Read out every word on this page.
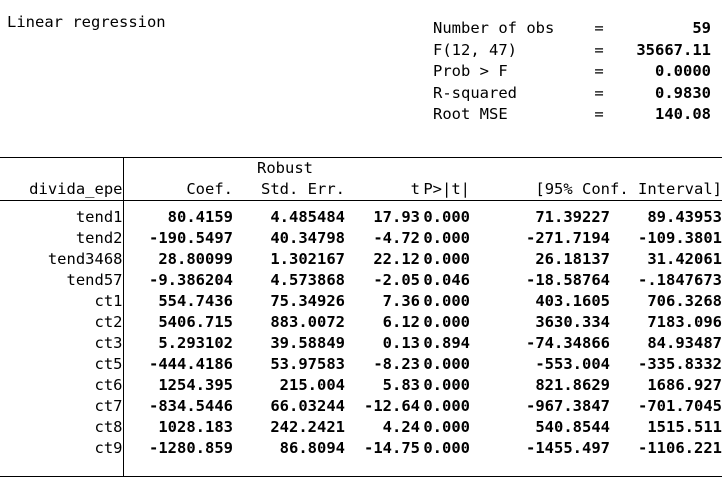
Linear regression	Number of obs	=	59
F(12, 47)	=	35667.11
Prob > F	=	0.0000
R-squared	=	0.9830
Root MSE	=	140.08
		Robust				
divida_epe	Coef.	Std. Err.	t	P>|t|	[95% Conf. Interval]	
tend1	80.4159	4.485484	17.93	0.000	71.39227	89.43953
tend2	-190.5497	40.34798	-4.72	0.000	-271.7194	-109.3801
tend3468	28.80099	1.302167	22.12	0.000	26.18137	31.42061
tend57	-9.386204	4.573868	-2.05	0.046	-18.58764	-.1847673
ct1	554.7436	75.34926	7.36	0.000	403.1605	706.3268
ct2	5406.715	883.0072	6.12	0.000	3630.334	7183.096
ct3	5.293102	39.58849	0.13	0.894	-74.34866	84.93487
ct5	-444.4186	53.97583	-8.23	0.000	-553.004	-335.8332
ct6	1254.395	215.004	5.83	0.000	821.8629	1686.927
ct7	-834.5446	66.03244	-12.64	0.000	-967.3847	-701.7045
ct8	1028.183	242.2421	4.24	0.000	540.8544	1515.511
ct9	-1280.859	86.8094	-14.75	0.000	-1455.497	-1106.221
